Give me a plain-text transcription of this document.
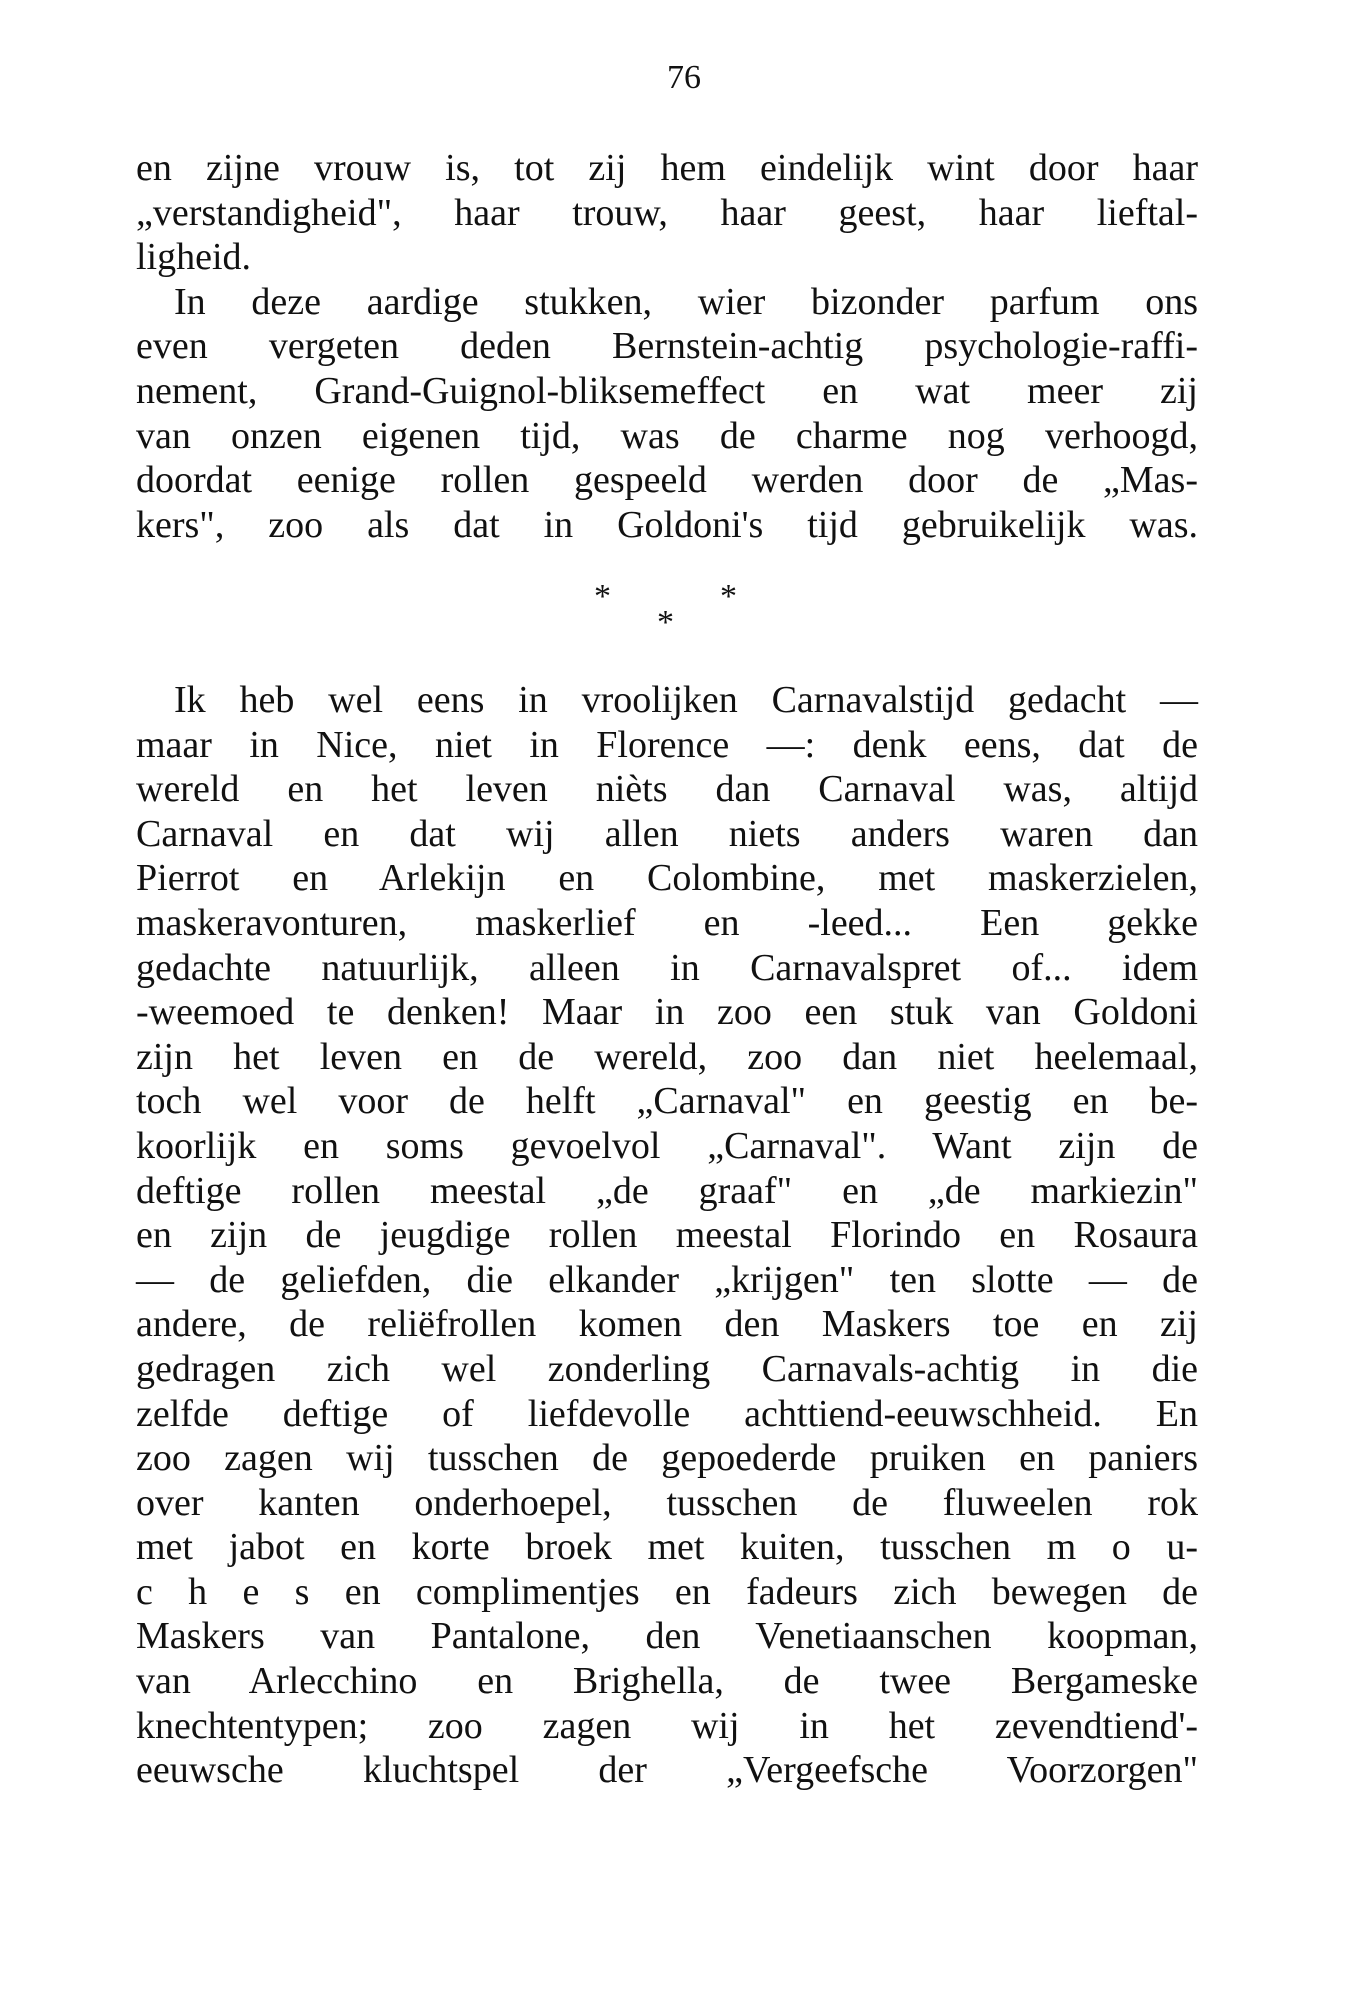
76
en zijne vrouw is, tot zij hem eindelijk wint door haar
„verstandigheid", haar trouw, haar geest, haar lieftal-
ligheid.
In deze aardige stukken, wier bizonder parfum ons
even vergeten deden Bernstein-achtig psychologie-raffi-
nement, Grand-Guignol-bliksemeffect en wat meer zij
van onzen eigenen tijd, was de charme nog verhoogd,
doordat eenige rollen gespeeld werden door de „Mas-
kers", zoo als dat in Goldoni's tijd gebruikelijk was.
*	*
*
Ik heb wel eens in vroolijken Carnavalstijd gedacht —
maar in Nice, niet in Florence —: denk eens, dat de
wereld en het leven nièts dan Carnaval was, altijd
Carnaval en dat wij allen niets anders waren dan
Pierrot en Arlekijn en Colombine, met maskerzielen,
maskeravonturen, maskerlief en -leed... Een gekke
gedachte natuurlijk, alleen in Carnavalspret of... idem
-weemoed te denken! Maar in zoo een stuk van Goldoni
zijn het leven en de wereld, zoo dan niet heelemaal,
toch wel voor de helft „Carnaval" en geestig en be-
koorlijk en soms gevoelvol „Carnaval". Want zijn de
deftige rollen meestal „de graaf" en „de markiezin"
en zijn de jeugdige rollen meestal Florindo en Rosaura
— de geliefden, die elkander „krijgen" ten slotte — de
andere, de reliëfrollen komen den Maskers toe en zij
gedragen zich wel zonderling Carnavals-achtig in die
zelfde deftige of liefdevolle achttiend-eeuwschheid. En
zoo zagen wij tusschen de gepoederde pruiken en paniers
over kanten onderhoepel, tusschen de fluweelen rok
met jabot en korte broek met kuiten, tusschen m o u-
c h e s en complimentjes en fadeurs zich bewegen de
Maskers van Pantalone, den Venetiaanschen koopman,
van Arlecchino en Brighella, de twee Bergameske
knechtentypen; zoo zagen wij in het zevendtiend'-
eeuwsche kluchtspel der „Vergeefsche Voorzorgen"
